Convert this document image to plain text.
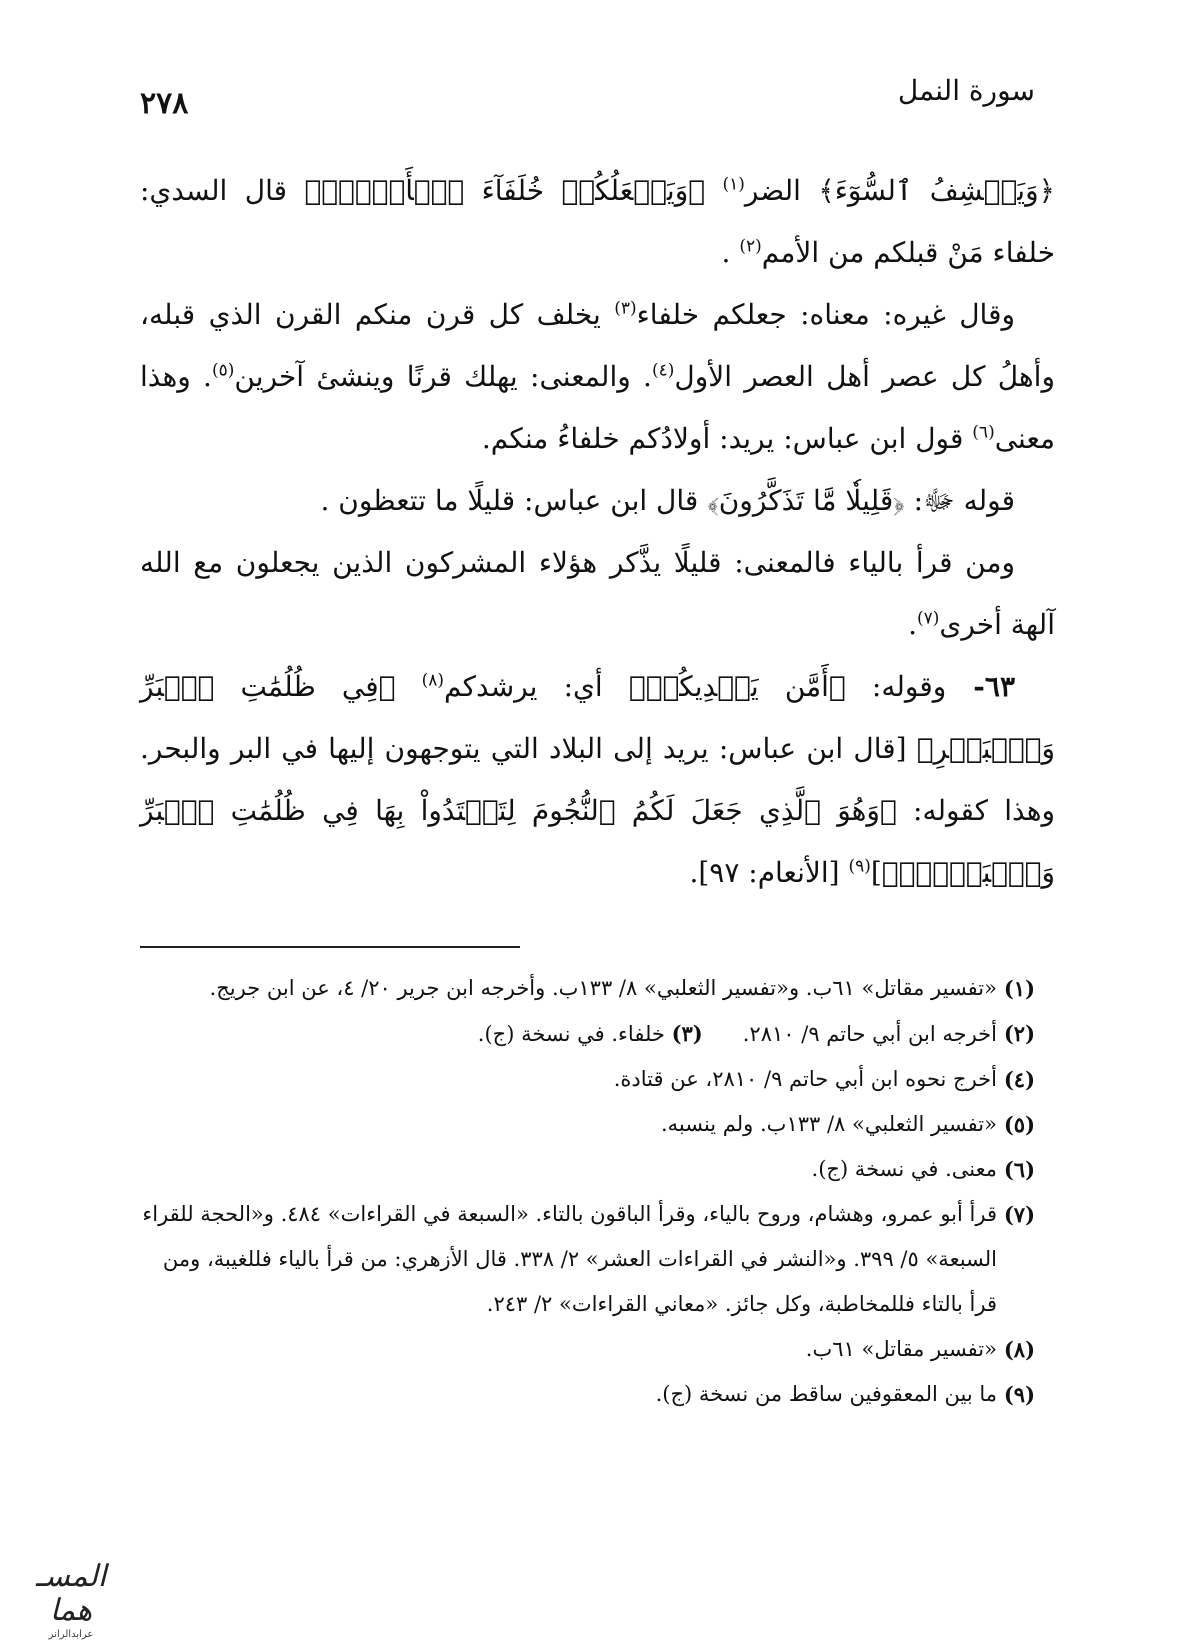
سورة النمل
٢٧٨

﴿وَيَكۡشِفُ ٱلسُّوٓءَ﴾ الضر$^{(١)}$ ﴿وَيَجۡعَلُكُمۡ خُلَفَآءَ ٱلۡأَرۡضِۗ﴾ قال السدي: خلفاء مَنْ قبلكم من الأمم$^{(٢)}$ .

وقال غيره: معناه: جعلكم خلفاء$^{(٣)}$ يخلف كل قرن منكم القرن الذي قبله، وأهلُ كل عصر أهل العصر الأول$^{(٤)}$. والمعنى: يهلك قرنًا وينشئ آخرين$^{(٥)}$. وهذا معنى$^{(٦)}$ قول ابن عباس: يريد: أولادُكم خلفاءُ منكم.

قوله ﷻ: ﴿قَلِيلٗا مَّا تَذَكَّرُونَ﴾ قال ابن عباس: قليلًا ما تتعظون .

ومن قرأ بالياء فالمعنى: قليلًا يذَّكر هؤلاء المشركون الذين يجعلون مع الله آلهة أخرى$^{(٧)}$.

٦٣- وقوله: ﴿أَمَّن يَهۡدِيكُمۡ﴾ أي: يرشدكم$^{(٨)}$ ﴿فِي ظُلُمَٰتِ ٱلۡبَرِّ وَٱلۡبَحۡرِ﴾ [قال ابن عباس: يريد إلى البلاد التي يتوجهون إليها في البر والبحر. وهذا كقوله: ﴿وَهُوَ ٱلَّذِي جَعَلَ لَكُمُ ٱلنُّجُومَ لِتَهۡتَدُواْ بِهَا فِي ظُلُمَٰتِ ٱلۡبَرِّ وَٱلۡبَحۡرِۗ﴾]$^{(٩)}$ [الأنعام: ٩٧].

(١)
«تفسير مقاتل» ٦١ب. و«تفسير الثعلبي» ٨/ ١٣٣ب. وأخرجه ابن جرير ٢٠/ ٤، عن ابن جريج.

(٢)
أخرجه ابن أبي حاتم ٩/ ٢٨١٠.(٣) خلفاء. في نسخة (ج).

(٤)
أخرج نحوه ابن أبي حاتم ٩/ ٢٨١٠، عن قتادة.

(٥)
«تفسير الثعلبي» ٨/ ١٣٣ب. ولم ينسبه.

(٦)
معنى. في نسخة (ج).

(٧)
قرأ أبو عمرو، وهشام، وروح بالياء، وقرأ الباقون بالتاء. «السبعة في القراءات» ٤٨٤. و«الحجة للقراء السبعة» ٥/ ٣٩٩. و«النشر في القراءات العشر» ٢/ ٣٣٨. قال الأزهري: من قرأ بالياء فللغيبة، ومن قرأ بالتاء فللمخاطبة، وكل جائز. «معاني القراءات» ٢/ ٢٤٣.

(٨)
«تفسير مقاتل» ٦١ب.

(٩)
ما بين المعقوفين ساقط من نسخة (ج).

المسـ هما
عرابدالرانر
